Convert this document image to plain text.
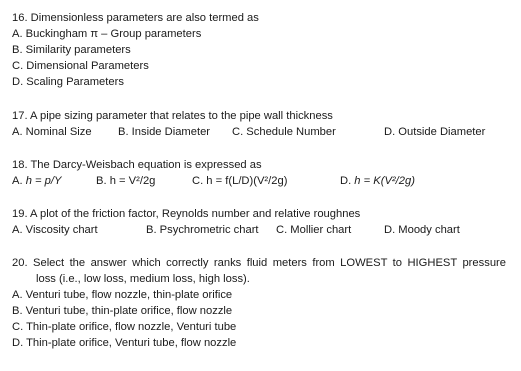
16. Dimensionless parameters are also termed as
A. Buckingham π – Group parameters
B. Similarity parameters
C. Dimensional Parameters
D. Scaling Parameters
17. A pipe sizing parameter that relates to the pipe wall thickness
A. Nominal Size B. Inside Diameter C. Schedule Number	D. Outside Diameter
18. The Darcy-Weisbach equation is expressed as
A. h = p/Υ	B. h = V²/2g	C. h = f(L/D)(V²/2g)	D. h = K(V²/2g)
19. A plot of the friction factor, Reynolds number and relative roughnes
A. Viscosity chart	B. Psychrometric chart C. Mollier chart	D. Moody chart
20. Select the answer which correctly ranks fluid meters from LOWEST to HIGHEST pressure
loss (i.e., low loss, medium loss, high loss).
A. Venturi tube, flow nozzle, thin-plate orifice
B. Venturi tube, thin-plate orifice, flow nozzle
C. Thin-plate orifice, flow nozzle, Venturi tube
D. Thin-plate orifice, Venturi tube, flow nozzle
